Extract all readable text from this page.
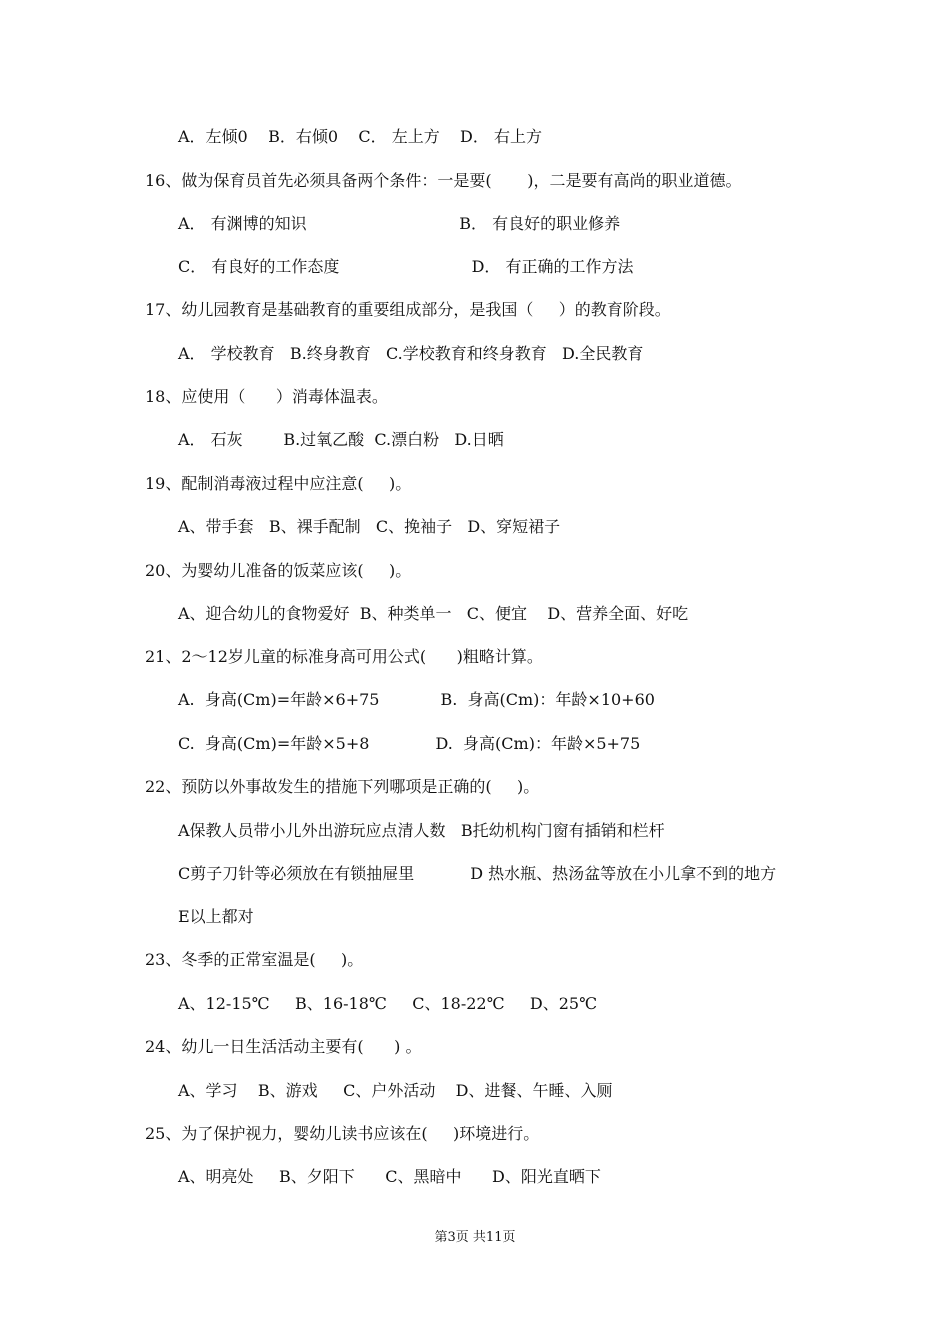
A．左倾0    B．右倾0    C． 左上方    D． 右上方
16、做为保育员首先必须具备两个条件：一是要(       )，二是要有高尚的职业道德。
A． 有渊博的知识                              B． 有良好的职业修养
C． 有良好的工作态度                          D． 有正确的工作方法
17、幼儿园教育是基础教育的重要组成部分，是我国（     ）的教育阶段。
A． 学校教育   B.终身教育   C.学校教育和终身教育   D.全民教育
18、应使用（      ）消毒体温表。
A． 石灰        B.过氧乙酸  C.漂白粉   D.日晒
19、配制消毒液过程中应注意(     )。
A、带手套   B、裸手配制   C、挽袖子   D、穿短裙子
20、为婴幼儿准备的饭菜应该(     )。
A、迎合幼儿的食物爱好  B、种类单一   C、便宜    D、营养全面、好吃
21、2～12岁儿童的标准身高可用公式(      )粗略计算。
A.  身高(Cm)=年龄×6+75            B.  身高(Cm)：年龄×10+60
C.  身高(Cm)=年龄×5+8             D.  身高(Cm)：年龄×5+75
22、预防以外事故发生的措施下列哪项是正确的(     )。
A保教人员带小儿外出游玩应点清人数   B托幼机构门窗有插销和栏杆
C剪子刀针等必须放在有锁抽屉里           D 热水瓶、热汤盆等放在小儿拿不到的地方
E以上都对
23、冬季的正常室温是(     )。
A、12-15℃     B、16-18℃     C、18-22℃     D、25℃
24、幼儿一日生活活动主要有(      ) 。
A、学习    B、游戏     C、户外活动    D、进餐、午睡、入厕
25、为了保护视力，婴幼儿读书应该在(     )环境进行。
A、明亮处     B、夕阳下      C、黑暗中      D、阳光直晒下
第3页 共11页
